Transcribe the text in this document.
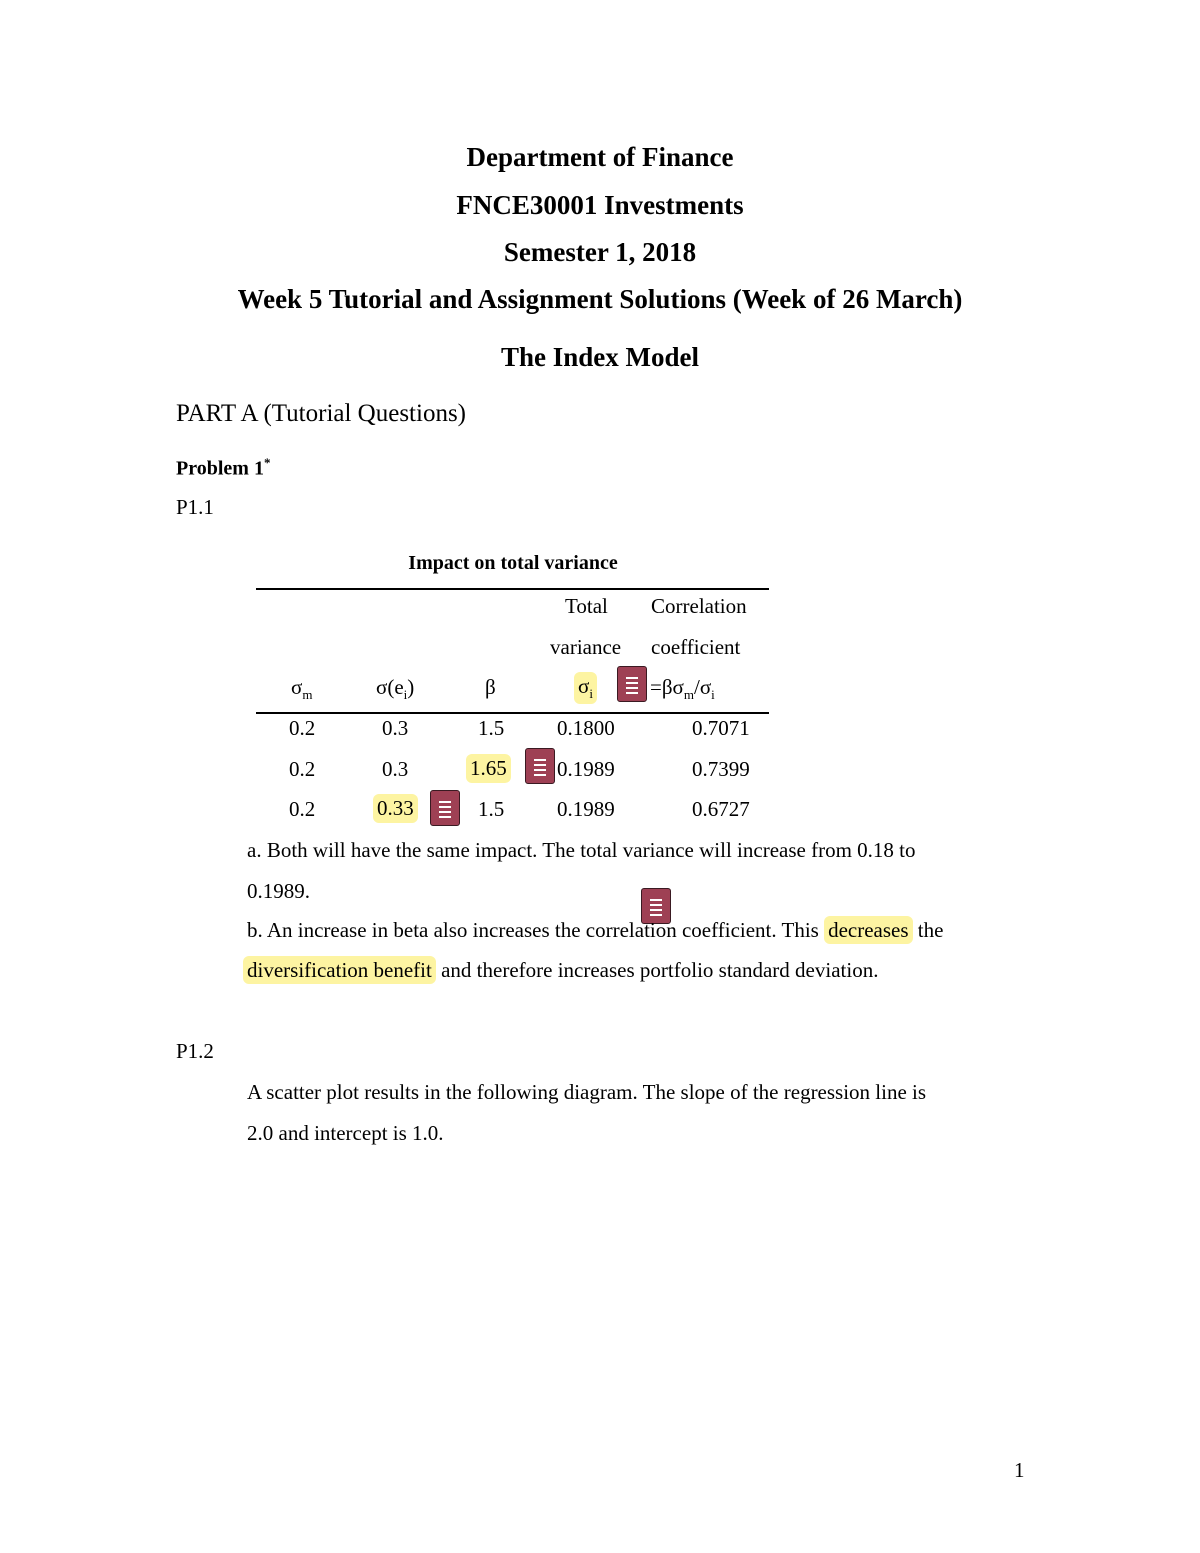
Department of Finance
FNCE30001 Investments
Semester 1, 2018
Week 5 Tutorial and Assignment Solutions (Week of 26 March)
The Index Model
PART A (Tutorial Questions)
Problem 1*
P1.1
Impact on total variance
Total Correlation
variance coefficient
$\sigma_m$	$\sigma(e_i)$	β	$\sigma_i$	$=\beta\sigma_m/\sigma_i$
0.2	0.3	1.5	0.1800	0.7071
0.2	0.3	1.65 0.1989	0.7399
0.2	0.33	1.5	0.1989	0.6727
a. Both will have the same impact. The total variance will increase from 0.18 to
0.1989.
b. An increase in beta also increases the correlation coefficient. This decreases the
diversification benefit and therefore increases portfolio standard deviation.
P1.2
A scatter plot results in the following diagram. The slope of the regression line is
2.0 and intercept is 1.0.
1
